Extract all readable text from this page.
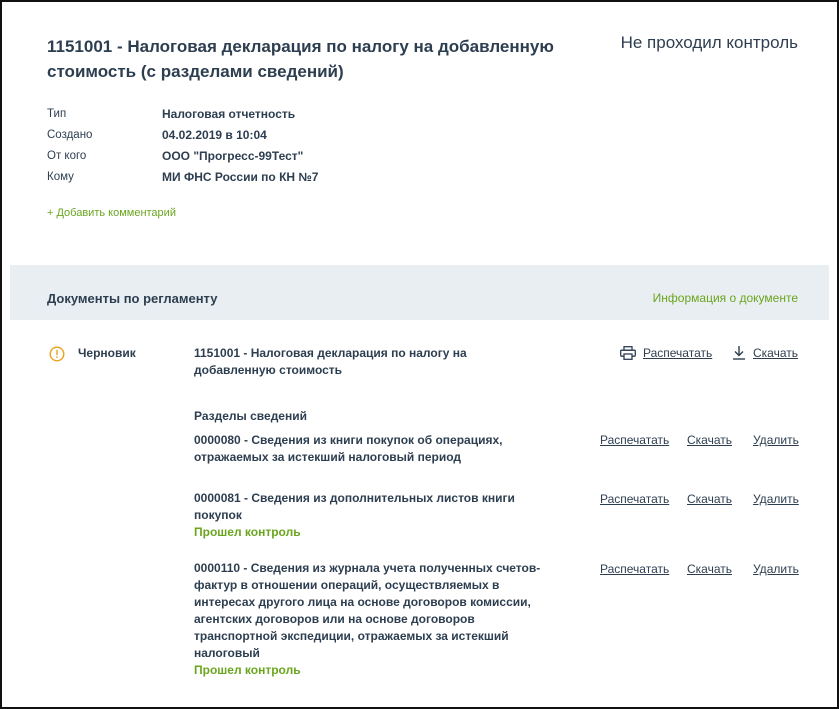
1151001 - Налоговая декларация по налогу на добавленную стоимость (с разделами сведений)
Не проходил контроль
Тип	Налоговая отчетность
Создано	04.02.2019 в 10:04
От кого	ООО "Прогресс-99Тест"
Кому	МИ ФНС России по КН №7
+ Добавить комментарий
Документы по регламенту	Информация о документе
Черновик	1151001 - Налоговая декларация по налогу на добавленную стоимость
Распечатать	Скачать
Разделы сведений
0000080 - Сведения из книги покупок об операциях, отражаемых за истекший налоговый период
Распечатать Скачать Удалить
0000081 - Сведения из дополнительных листов книги покупок
Прошел контроль
Распечатать Скачать Удалить
0000110 - Сведения из журнала учета полученных счетов-фактур в отношении операций, осуществляемых в интересах другого лица на основе договоров комиссии, агентских договоров или на основе договоров транспортной экспедиции, отражаемых за истекший налоговый
Прошел контроль
Распечатать Скачать Удалить
